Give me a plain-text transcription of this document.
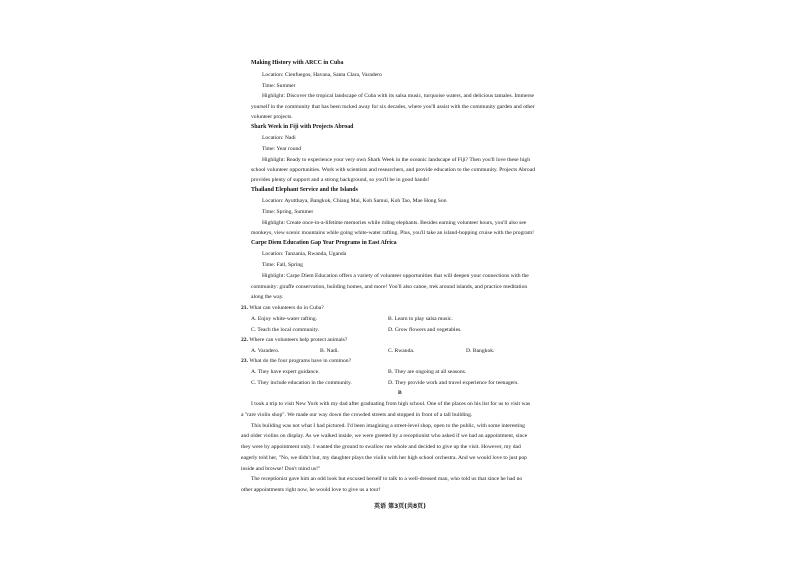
Making History with ARCC in Cuba
Location: Cienfuegos, Havana, Santa Clara, Varadero
Time: Summer
Highlight: Discover the tropical landscape of Cuba with its salsa music, turquoise waters, and delicious tamales. Immerse
yourself in the community that has been tucked away for six decades, where you'll assist with the community garden and other
volunteer projects.
Shark Week in Fiji with Projects Abroad
Location: Nadi
Time: Year round
Highlight: Ready to experience your very own Shark Week in the oceanic landscape of Fiji? Then you'll love these high
school volunteer opportunities. Work with scientists and researchers, and provide education to the community. Projects Abroad
provides plenty of support and a strong background, so you'll be in good hands!
Thailand Elephant Service and the Islands
Location: Ayutthaya, Bangkok, Chiang Mai, Koh Samui, Koh Tao, Mae Hong Son
Time: Spring, Summer
Highlight: Create once-in-a-lifetime memories while riding elephants. Besides earning volunteer hours, you'll also see
monkeys, view scenic mountains while going white-water rafting. Plus, you'll take an island-hopping cruise with the program!
Carpe Diem Education Gap Year Programs in East Africa
Location: Tanzania, Rwanda, Uganda
Time: Fall, Spring
Highlight: Carpe Diem Education offers a variety of volunteer opportunities that will deepen your connections with the
community: giraffe conservation, building homes, and more! You'll also canoe, trek around islands, and practice meditation
along the way.
21. What can volunteers do in Cuba?
A. Enjoy white-water rafting.	B. Learn to play salsa music.
C. Teach the local community.	D. Grow flowers and vegetables.
22. Where can volunteers help protect animals?
A. Varadero.	B. Nadi.	C. Rwanda.	D. Bangkok.
23. What do the four programs have in common?
A. They have expert guidance.	B. They are ongoing at all seasons.
C. They include education in the community.	D. They provide work and travel experience for teenagers.
B
I took a trip to visit New York with my dad after graduating from high school. One of the places on his list for us to visit was
a "rare violin shop". We made our way down the crowded streets and stopped in front of a tall building.
This building was not what I had pictured. I'd been imagining a street-level shop, open to the public, with some interesting
and older violins on display. As we walked inside, we were greeted by a receptionist who asked if we had an appointment, since
they were by appointment only. I wanted the ground to swallow me whole and decided to give up the visit. However, my dad
eagerly told her, "No, we didn't but, my daughter plays the violin with her high school orchestra. And we would love to just pop
inside and browse! Don't mind us!"
The receptionist gave him an odd look but excused herself to talk to a well-dressed man, who told us that since he had no
other appointments right now, he would love to give us a tour!
英语 第3页(共8页)
